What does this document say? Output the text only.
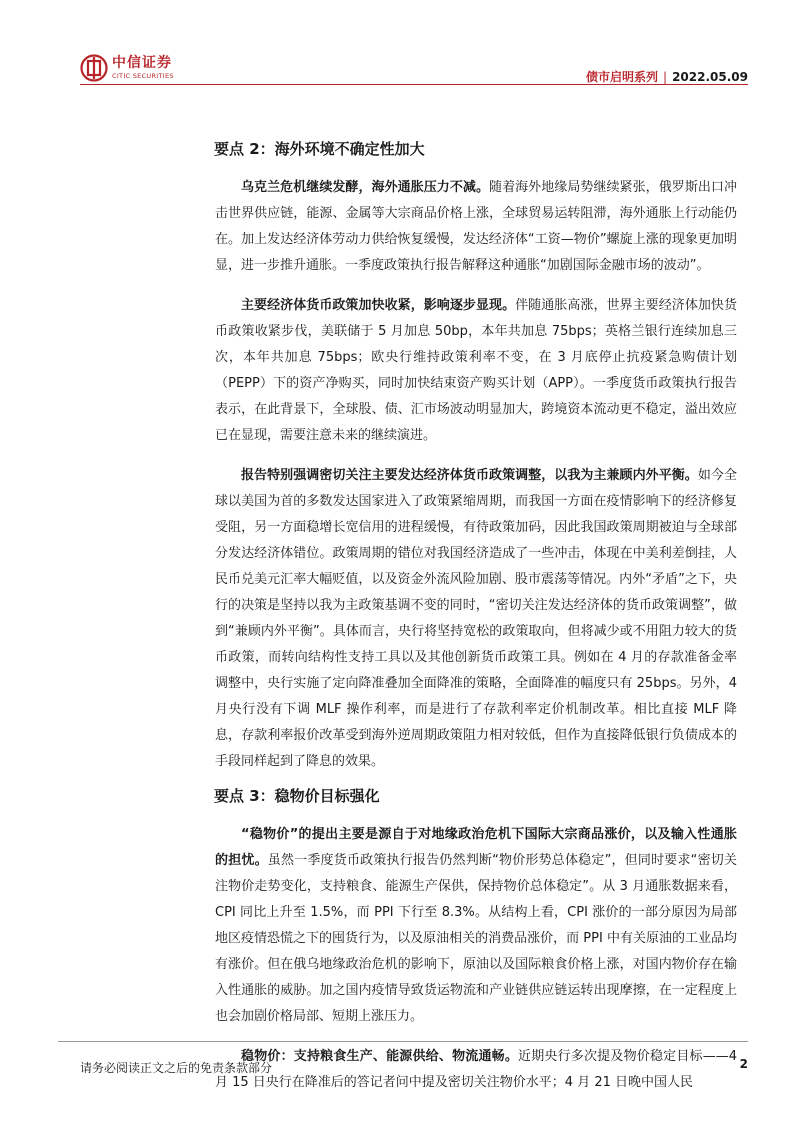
中信证券
CITIC SECURITIES	债市启明系列 | 2022.05.09
要点 2：海外环境不确定性加大

乌克兰危机继续发酵，海外通胀压力不减。随着海外地缘局势继续紧张，俄罗斯出口冲击世界供应链，能源、金属等大宗商品价格上涨，全球贸易运转阻滞，海外通胀上行动能仍在。加上发达经济体劳动力供给恢复缓慢，发达经济体“工资—物价”螺旋上涨的现象更加明显，进一步推升通胀。一季度政策执行报告解释这种通胀“加剧国际金融市场的波动”。

主要经济体货币政策加快收紧，影响逐步显现。伴随通胀高涨，世界主要经济体加快货币政策收紧步伐，美联储于 5 月加息 50bp，本年共加息 75bps；英格兰银行连续加息三次，本年共加息 75bps；欧央行维持政策利率不变，在 3 月底停止抗疫紧急购债计划（PEPP）下的资产净购买，同时加快结束资产购买计划（APP）。一季度货币政策执行报告表示，在此背景下，全球股、债、汇市场波动明显加大，跨境资本流动更不稳定，溢出效应已在显现，需要注意未来的继续演进。

报告特别强调密切关注主要发达经济体货币政策调整，以我为主兼顾内外平衡。如今全球以美国为首的多数发达国家进入了政策紧缩周期，而我国一方面在疫情影响下的经济修复受阻，另一方面稳增长宽信用的进程缓慢，有待政策加码，因此我国政策周期被迫与全球部分发达经济体错位。政策周期的错位对我国经济造成了一些冲击，体现在中美利差倒挂，人民币兑美元汇率大幅贬值，以及资金外流风险加剧、股市震荡等情况。内外“矛盾”之下，央行的决策是坚持以我为主政策基调不变的同时，“密切关注发达经济体的货币政策调整”，做到“兼顾内外平衡”。具体而言，央行将坚持宽松的政策取向，但将减少或不用阻力较大的货币政策，而转向结构性支持工具以及其他创新货币政策工具。例如在 4 月的存款准备金率调整中，央行实施了定向降准叠加全面降准的策略，全面降准的幅度只有 25bps。另外，4 月央行没有下调 MLF 操作利率，而是进行了存款利率定价机制改革。相比直接 MLF 降息，存款利率报价改革受到海外逆周期政策阻力相对较低，但作为直接降低银行负债成本的手段同样起到了降息的效果。

要点 3：稳物价目标强化

“稳物价”的提出主要是源自于对地缘政治危机下国际大宗商品涨价，以及输入性通胀的担忧。虽然一季度货币政策执行报告仍然判断“物价形势总体稳定”，但同时要求“密切关注物价走势变化，支持粮食、能源生产保供，保持物价总体稳定”。从 3 月通胀数据来看，CPI 同比上升至 1.5%，而 PPI 下行至 8.3%。从结构上看，CPI 涨价的一部分原因为局部地区疫情恐慌之下的囤货行为，以及原油相关的消费品涨价，而 PPI 中有关原油的工业品均有涨价。但在俄乌地缘政治危机的影响下，原油以及国际粮食价格上涨，对国内物价存在输入性通胀的威胁。加之国内疫情导致货运物流和产业链供应链运转出现摩擦，在一定程度上也会加剧价格局部、短期上涨压力。

稳物价：支持粮食生产、能源供给、物流通畅。近期央行多次提及物价稳定目标——4 月 15 日央行在降准后的答记者问中提及密切关注物价水平；4 月 21 日晚中国人民

请务必阅读正文之后的免责条款部分	2
